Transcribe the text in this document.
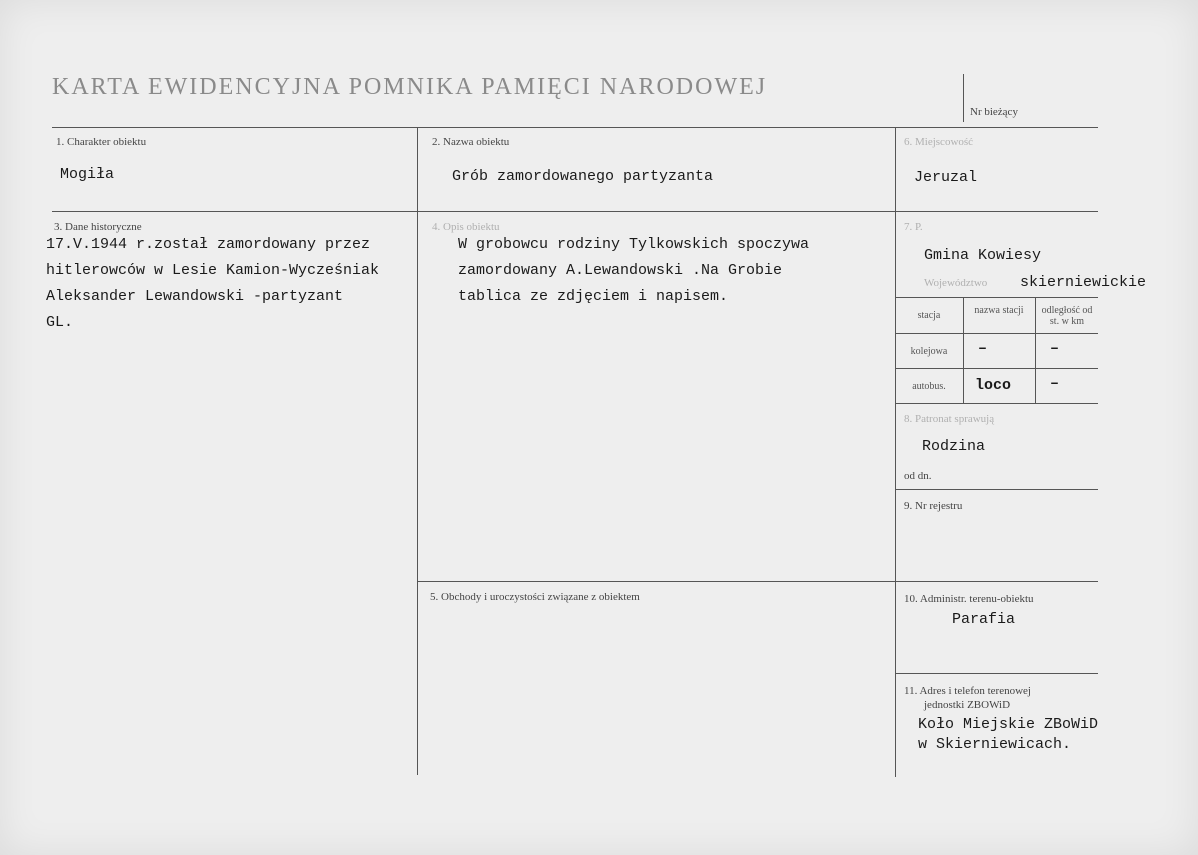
KARTA EWIDENCYJNA POMNIKA PAMIĘCI NARODOWEJ
Nr bieżący
1. Charakter obiektu
Mogiła
2. Nazwa obiektu
Grób zamordowanego partyzanta
6. Miejscowość
Jeruzal
3. Dane historyczne

17.V.1944 r.został zamordowany przez

hitlerowców w Lesie Kamion-Wycześniak

Aleksander Lewandowski -partyzant

GL.

4. Opis obiektu

W grobowcu rodziny Tylkowskich spoczywa

zamordowany A.Lewandowski .Na Grobie

tablica ze zdjęciem i napisem.

7. P.
Gmina Kowiesy
Województwo skierniewickie
stacja	nazwa stacji	odległość od st. w km
kolejowa	–	–
autobus.	loco	–
8. Patronat sprawują
Rodzina
od dn.
9. Nr rejestru
5. Obchody i uroczystości związane z obiektem	10. Administr. terenu-obiektu
Parafia
11. Adres i telefon terenowej
jednostki ZBOWiD
Koło Miejskie ZBoWiD
w Skierniewicach.
